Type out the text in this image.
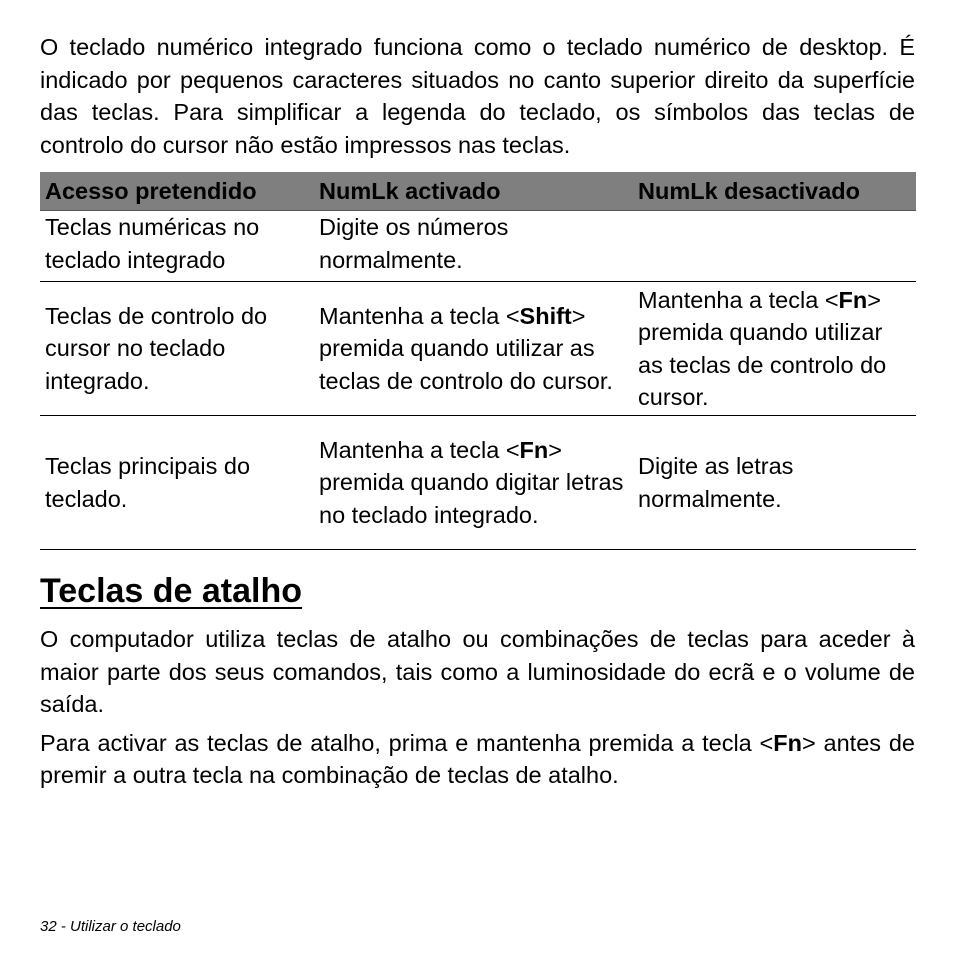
O teclado numérico integrado funciona como o teclado numérico de desktop. É indicado por pequenos caracteres situados no canto superior direito da superfície das teclas. Para simplificar a legenda do teclado, os símbolos das teclas de controlo do cursor não estão impressos nas teclas.

Acesso pretendido	NumLk activado	NumLk desactivado
Teclas numéricas no teclado integrado	Digite os números normalmente.	
Teclas de controlo do cursor no teclado integrado.	Mantenha a tecla <Shift> premida quando utilizar as teclas de controlo do cursor.	Mantenha a tecla <Fn> premida quando utilizar as teclas de controlo do cursor.
Teclas principais do teclado.	Mantenha a tecla <Fn> premida quando digitar letras no teclado integrado.	Digite as letras normalmente.
Teclas de atalho

O computador utiliza teclas de atalho ou combinações de teclas para aceder à maior parte dos seus comandos, tais como a luminosidade do ecrã e o volume de saída.

Para activar as teclas de atalho, prima e mantenha premida a tecla <Fn> antes de premir a outra tecla na combinação de teclas de atalho.

32 - Utilizar o teclado
